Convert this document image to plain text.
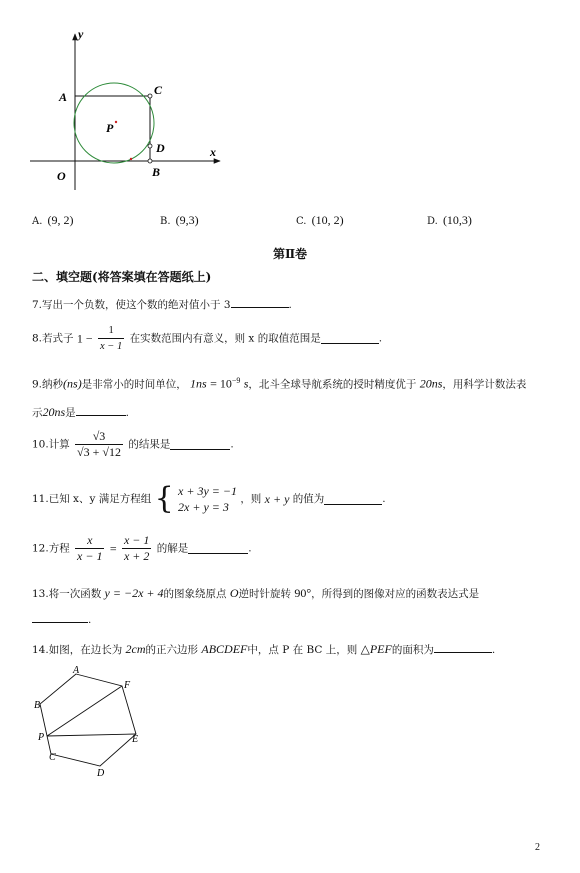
y
x
A	C
P
D
O	B
A. (9, 2)	B. (9,3)	C. (10, 2)	D. (10,3)
第Ⅱ卷
二、填空题(将答案填在答题纸上)
7.写出一个负数，使这个数的绝对值小于 3	.
8.若式子 $1 - \frac{1}{x - 1}$ 在实数范围内有意义，则 x 的取值范围是	.
9.纳秒(ns)是非常小的时间单位， $1ns = 10^{-9}$ s，北斗全球导航系统的授时精度优于 20ns，用科学计数法表
示20ns是	.
10.计算 $\frac{√3}{√3 + √12}$ 的结果是	.
11.已知 x、y 满足方程组 { x + 3y = −1
2x + y = 3
，则 x + y 的值为	.
12.方程 $\frac{x}{x - 1} = \frac{x - 1}{x + 2}$ 的解是	.
13.将一次函数 y = −2x + 4的图象绕原点 O逆时针旋转 90°，所得到的图像对应的函数表达式是
.
14.如图，在边长为 2cm的正六边形 ABCDEF中，点 P 在 BC 上，则 △PEF的面积为	.
A
F
B
P	E
C
D
2
